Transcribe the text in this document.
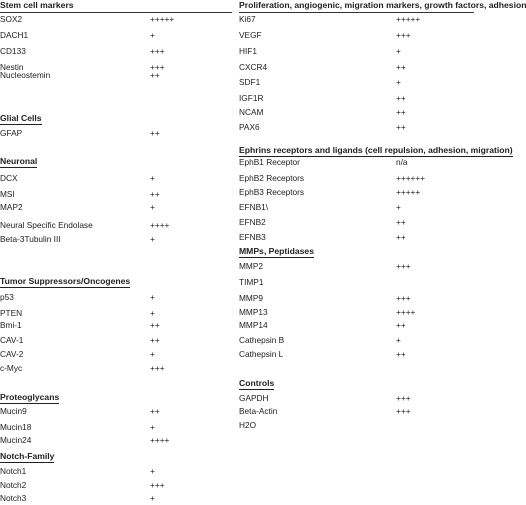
Stem cell markers
SOX2	+++++
DACH1	+
CD133	+++
Nestin	+++
Nucleostemin	++
Glial Cells
GFAP	++
Neuronal
DCX	+
MSI	++
MAP2	+
Neural Specific Endolase	++++
Beta-3Tubulin III	+
Tumor Suppressors/Oncogenes
p53	+
PTEN	+
Bmi-1	++
CAV-1	++
CAV-2	+
c-Myc	+++
Proteoglycans
Mucin9	++
Mucin18	+
Mucin24	++++
Notch-Family
Notch1	+
Notch2	+++
Notch3	+
Proliferation, angiogenic, migration markers, growth factors, adhesion
Ki67	+++++
VEGF	+++
HIF1	+
CXCR4	++
SDF1	+
IGF1R	++
NCAM	++
PAX6	++
Ephrins receptors and ligands (cell repulsion, adhesion, migration)
EphB1 Receptor	n/a
EphB2 Receptors	++++++
EphB3 Receptors	+++++
EFNB1\	+
EFNB2	++
EFNB3	++
MMPs, Peptidases
MMP2	+++
TIMP1
MMP9	+++
MMP13	++++
MMP14	++
Cathepsin B	+
Cathepsin L	++
Controls
GAPDH	+++
Beta-Actin	+++
H2O
